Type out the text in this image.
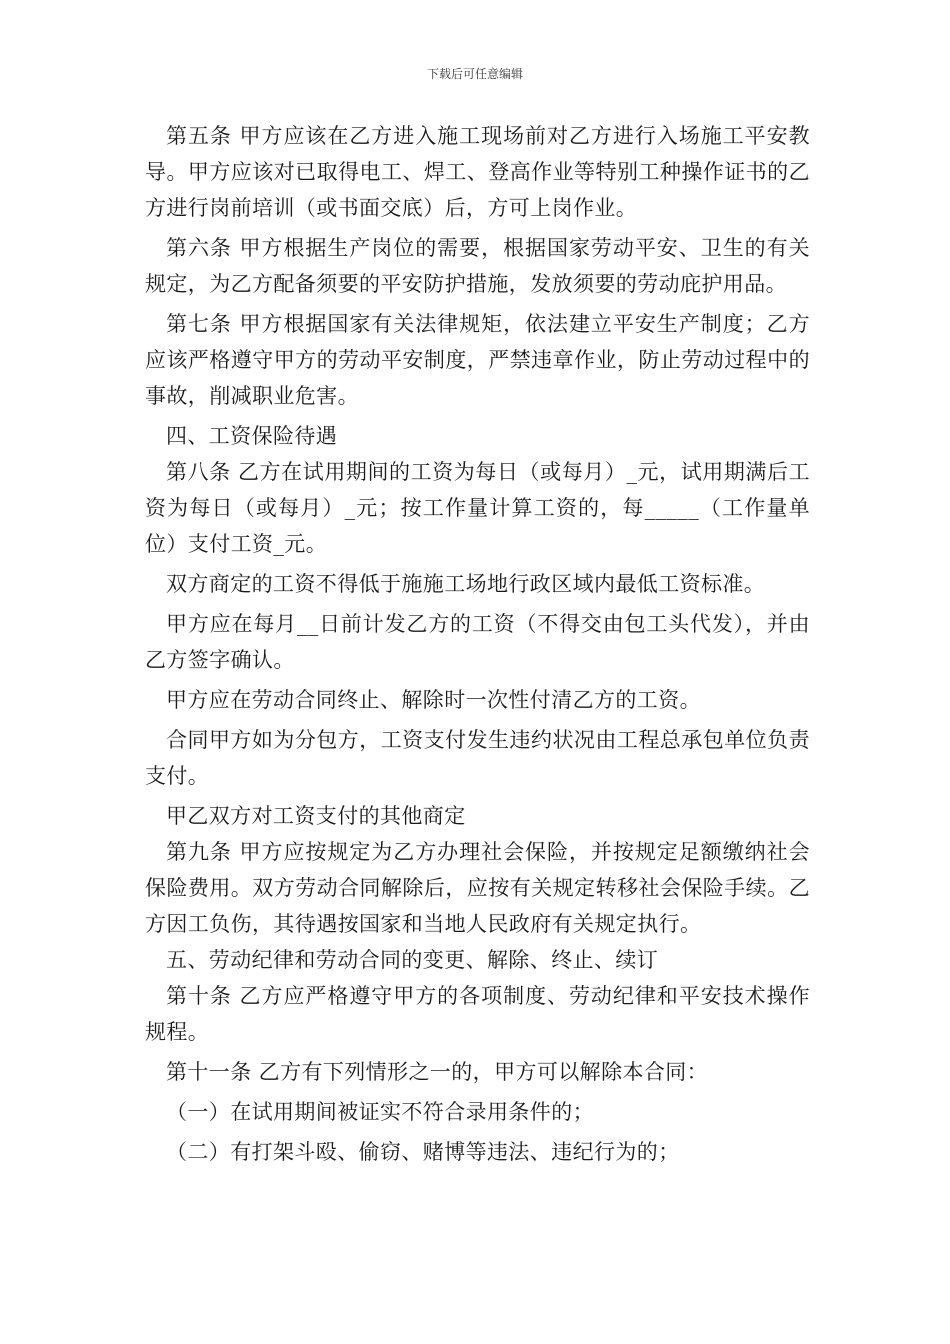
下载后可任意编辑

第五条 甲方应该在乙方进入施工现场前对乙方进行入场施工平安教导。甲方应该对已取得电工、焊工、登高作业等特别工种操作证书的乙方进行岗前培训（或书面交底）后，方可上岗作业。

第六条 甲方根据生产岗位的需要，根据国家劳动平安、卫生的有关规定，为乙方配备须要的平安防护措施，发放须要的劳动庇护用品。

第七条 甲方根据国家有关法律规矩，依法建立平安生产制度；乙方应该严格遵守甲方的劳动平安制度，严禁违章作业，防止劳动过程中的事故，削减职业危害。

四、工资保险待遇

第八条 乙方在试用期间的工资为每日（或每月）_元，试用期满后工资为每日（或每月）_元；按工作量计算工资的，每_____（工作量单位）支付工资_元。

双方商定的工资不得低于施施工场地行政区域内最低工资标准。

甲方应在每月__日前计发乙方的工资（不得交由包工头代发），并由乙方签字确认。

甲方应在劳动合同终止、解除时一次性付清乙方的工资。

合同甲方如为分包方，工资支付发生违约状况由工程总承包单位负责支付。

甲乙双方对工资支付的其他商定

第九条 甲方应按规定为乙方办理社会保险，并按规定足额缴纳社会保险费用。双方劳动合同解除后，应按有关规定转移社会保险手续。乙方因工负伤，其待遇按国家和当地人民政府有关规定执行。

五、劳动纪律和劳动合同的变更、解除、终止、续订

第十条 乙方应严格遵守甲方的各项制度、劳动纪律和平安技术操作规程。

第十一条 乙方有下列情形之一的，甲方可以解除本合同：

（一）在试用期间被证实不符合录用条件的；

（二）有打架斗殴、偷窃、赌博等违法、违纪行为的；
